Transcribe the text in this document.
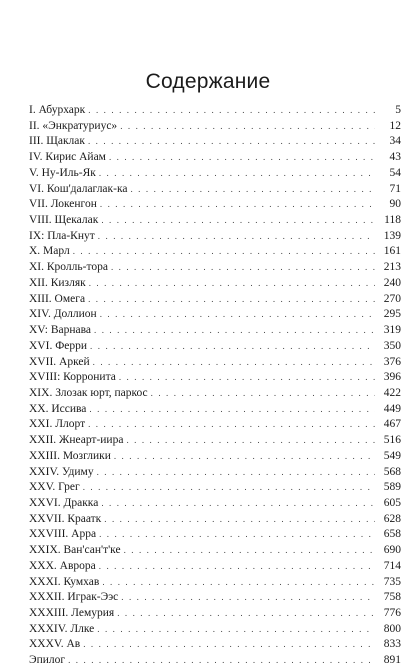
Содержание
I. Абурхарк . . .	5
II. «Энкратуриус» . . .	12
III. Щаклак . . .	34
IV. Кирис Айам . . .	43
V. Ну-Иль-Як . . .	54
VI. Кош'далаглак-ка . . .	71
VII. Локенгон . . .	90
VIII. Щекалак . . .	118
IX: Пла-Кнут . . .	139
X. Марл . . .	161
XI. Кролль-тора . . .	213
XII. Кизляк . . .	240
XIII. Омега . . .	270
XIV. Доллион . . .	295
XV: Варнава . . .	319
XVI. Ферри . . .	350
XVII. Аркей . . .	376
XVIII: Корронита . . .	396
XIX. Злозак юрт, паркос . . .	422
XX. Иссива . . .	449
XXI. Ллорт . . .	467
XXII. Жнеарт-иира . . .	516
XXIII. Мозглики . . .	549
XXIV. Удиму . . .	568
XXV. Грег . . .	589
XXVI. Дракка . . .	605
XXVII. Краатк . . .	628
XXVIII. Арра . . .	658
XXIX. Ван'сан'т'ке . . .	690
XXX. Аврора . . .	714
XXXI. Кумхав . . .	735
XXXII. Играк-Ээс . . .	758
XXXIII. Лемурия . . .	776
XXXIV. Ллке . . .	800
XXXV. Ав . . .	833
Эпилог . . .	891
